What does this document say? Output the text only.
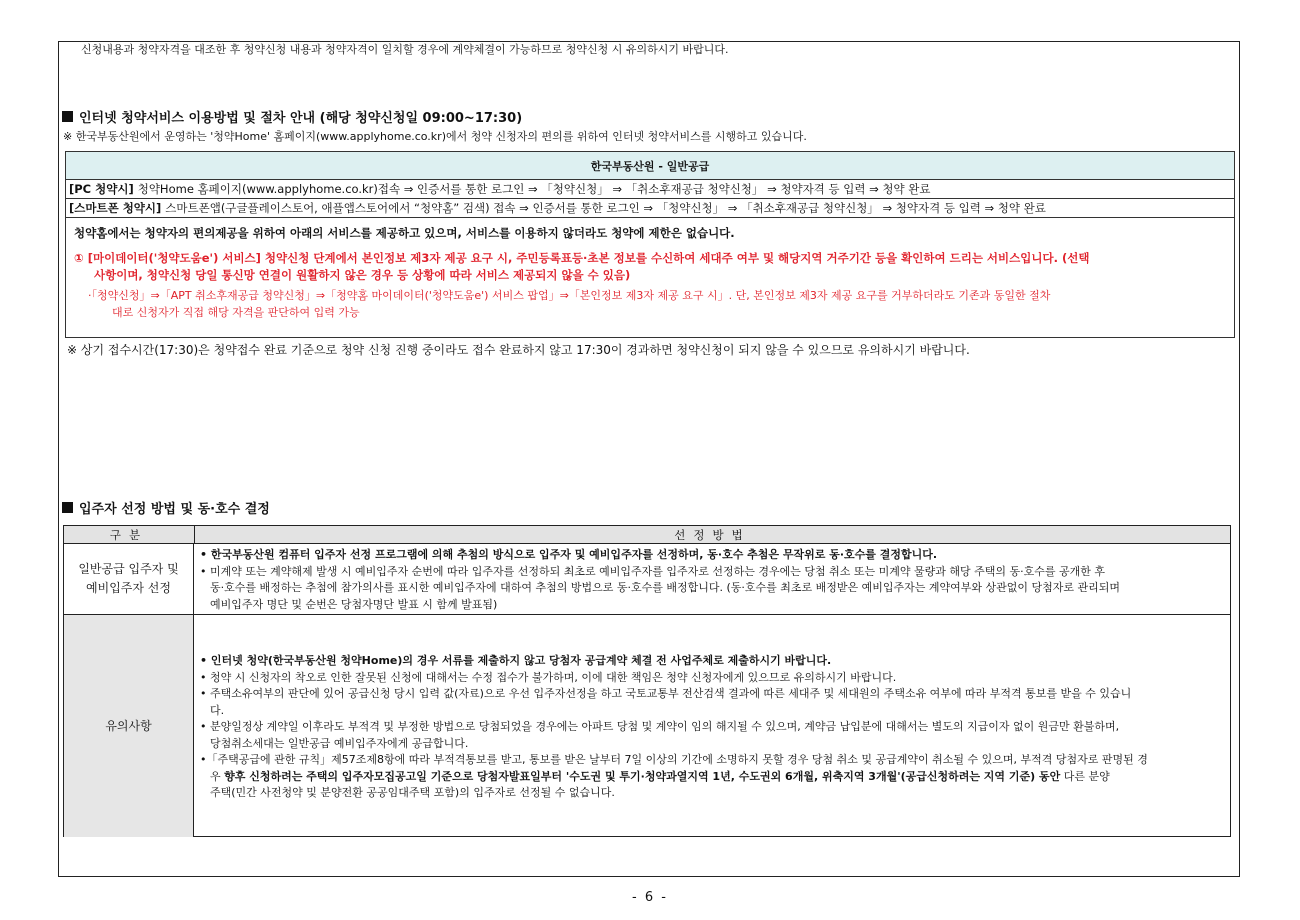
신청내용과 청약자격을 대조한 후 청약신청 내용과 청약자격이 일치할 경우에 계약체결이 가능하므로 청약신청 시 유의하시기 바랍니다.
인터넷 청약서비스 이용방법 및 절차 안내 (해당 청약신청일 09:00~17:30)
※ 한국부동산원에서 운영하는 '청약Home' 홈페이지(www.applyhome.co.kr)에서 청약 신청자의 편의를 위하여 인터넷 청약서비스를 시행하고 있습니다.
한국부동산원 - 일반공급
[PC 청약시] 청약Home 홈페이지(www.applyhome.co.kr)접속 ⇒ 인증서를 통한 로그인 ⇒ 「청약신청」 ⇒ 「취소후재공급 청약신청」 ⇒ 청약자격 등 입력 ⇒ 청약 완료
[스마트폰 청약시] 스마트폰앱(구글플레이스토어, 애플앱스토어에서 “청약홈” 검색) 접속 ⇒ 인증서를 통한 로그인 ⇒ 「청약신청」 ⇒ 「취소후재공급 청약신청」 ⇒ 청약자격 등 입력 ⇒ 청약 완료
청약홈에서는 청약자의 편의제공을 위하여 아래의 서비스를 제공하고 있으며, 서비스를 이용하지 않더라도 청약에 제한은 없습니다.
① [마이데이터('청약도움e') 서비스] 청약신청 단계에서 본인정보 제3자 제공 요구 시, 주민등록표등·초본 정보를 수신하여 세대주 여부 및 해당지역 거주기간 등을 확인하여 드리는 서비스입니다. (선택
사항이며, 청약신청 당일 통신망 연결이 원활하지 않은 경우 등 상황에 따라 서비스 제공되지 않을 수 있음)
·「청약신청」⇒「APT 취소후재공급 청약신청」⇒「청약홈 마이데이터('청약도움e') 서비스 팝업」⇒「본인정보 제3자 제공 요구 시」. 단, 본인정보 제3자 제공 요구를 거부하더라도 기존과 동일한 절차
대로 신청자가 직접 해당 자격을 판단하여 입력 가능
※ 상기 접수시간(17:30)은 청약접수 완료 기준으로 청약 신청 진행 중이라도 접수 완료하지 않고 17:30이 경과하면 청약신청이 되지 않을 수 있으므로 유의하시기 바랍니다.
입주자 선정 방법 및 동·호수 결정
구분	선정방법
일반공급 입주자 및
예비입주자 선정
• 한국부동산원 컴퓨터 입주자 선정 프로그램에 의해 추첨의 방식으로 입주자 및 예비입주자를 선정하며, 동·호수 추첨은 무작위로 동·호수를 결정합니다.
• 미계약 또는 계약해제 발생 시 예비입주자 순번에 따라 입주자를 선정하되 최초로 예비입주자를 입주자로 선정하는 경우에는 당첨 취소 또는 미계약 물량과 해당 주택의 동·호수를 공개한 후
동·호수를 배정하는 추첨에 참가의사를 표시한 예비입주자에 대하여 추첨의 방법으로 동·호수를 배정합니다. (동·호수를 최초로 배정받은 예비입주자는 계약여부와 상관없이 당첨자로 관리되며
예비입주자 명단 및 순번은 당첨자명단 발표 시 함께 발표됨)
유의사항
• 인터넷 청약(한국부동산원 청약Home)의 경우 서류를 제출하지 않고 당첨자 공급계약 체결 전 사업주체로 제출하시기 바랍니다.
• 청약 시 신청자의 착오로 인한 잘못된 신청에 대해서는 수정 접수가 불가하며, 이에 대한 책임은 청약 신청자에게 있으므로 유의하시기 바랍니다.
• 주택소유여부의 판단에 있어 공급신청 당시 입력 값(자료)으로 우선 입주자선정을 하고 국토교통부 전산검색 결과에 따른 세대주 및 세대원의 주택소유 여부에 따라 부적격 통보를 받을 수 있습니
다.
• 분양일정상 계약일 이후라도 부적격 및 부정한 방법으로 당첨되었을 경우에는 아파트 당첨 및 계약이 임의 해지될 수 있으며, 계약금 납입분에 대해서는 별도의 지급이자 없이 원금만 환불하며,
당첨취소세대는 일반공급 예비입주자에게 공급합니다.
•「주택공급에 관한 규칙」제57조제8항에 따라 부적격통보를 받고, 통보를 받은 날부터 7일 이상의 기간에 소명하지 못할 경우 당첨 취소 및 공급계약이 취소될 수 있으며, 부적격 당첨자로 판명된 경
우 향후 신청하려는 주택의 입주자모집공고일 기준으로 당첨자발표일부터 '수도권 및 투기·청약과열지역 1년, 수도권외 6개월, 위축지역 3개월'(공급신청하려는 지역 기준) 동안 다른 분양
주택(민간 사전청약 및 분양전환 공공임대주택 포함)의 입주자로 선정될 수 없습니다.
- 6 -
